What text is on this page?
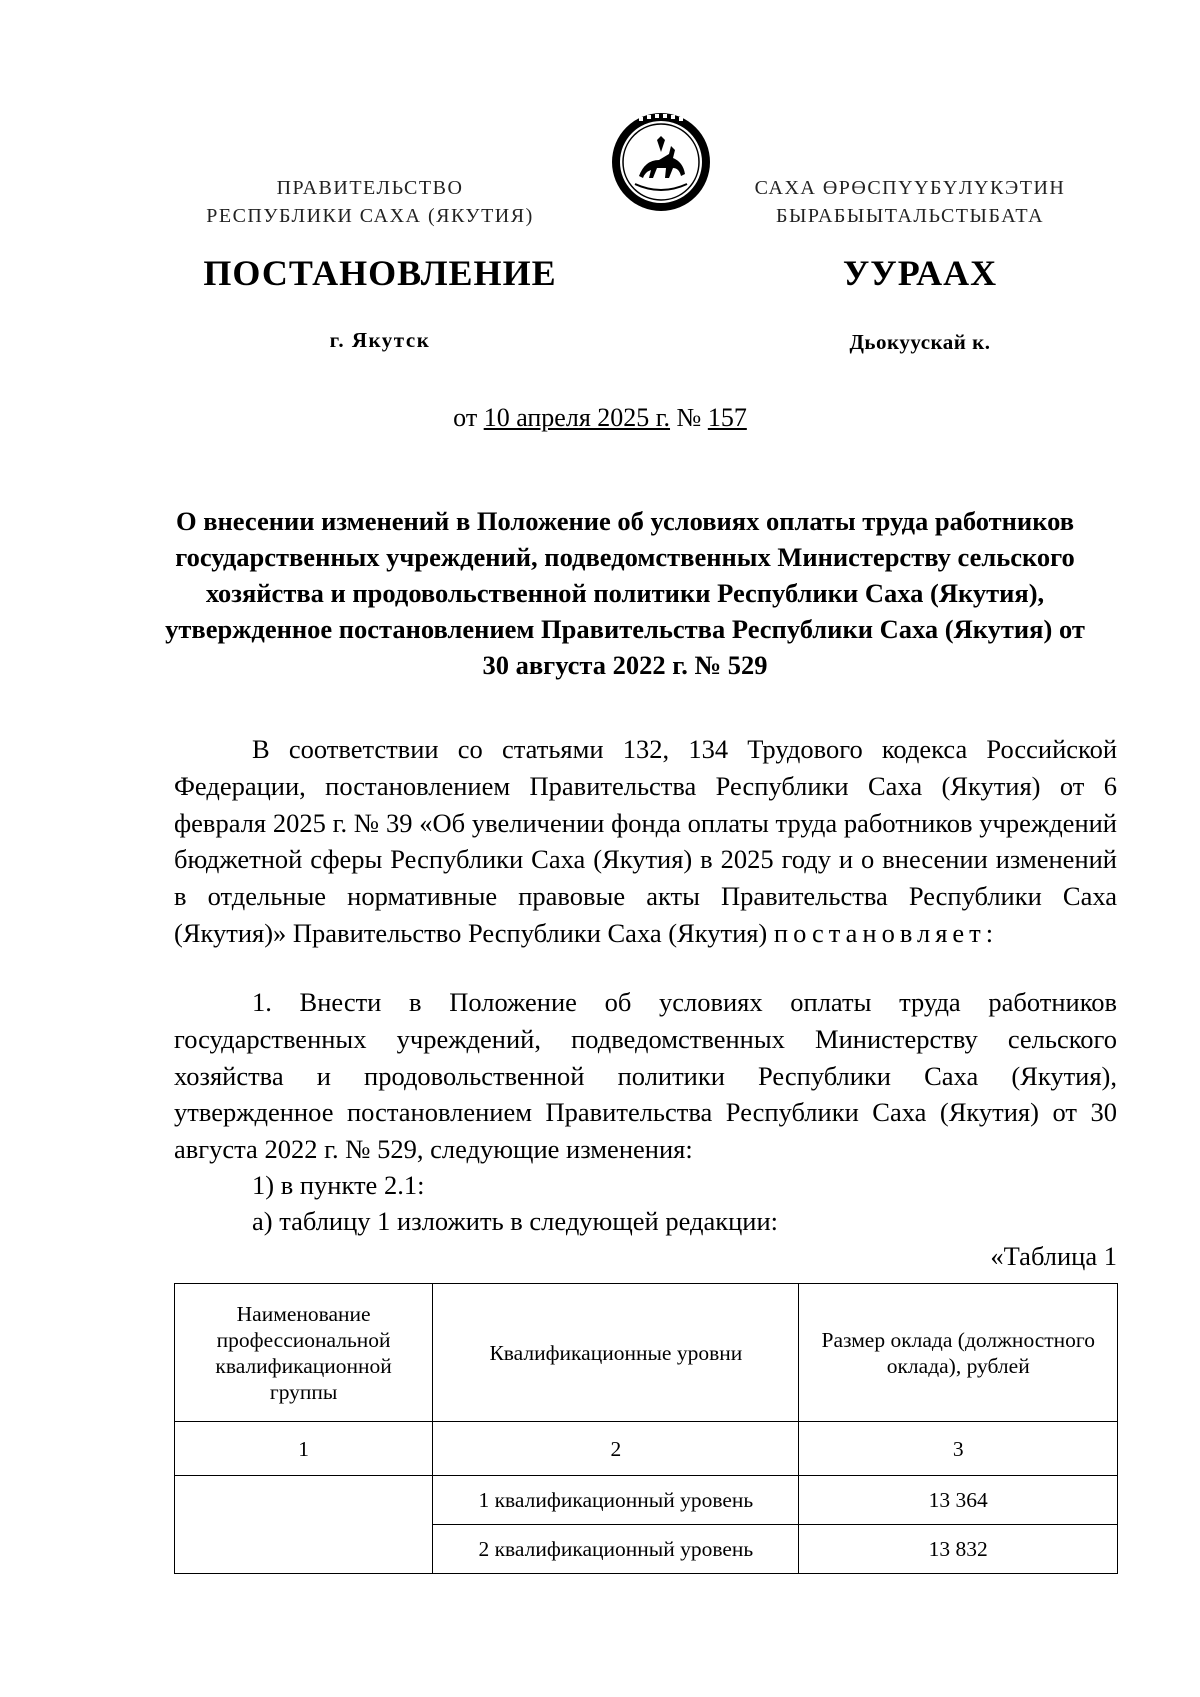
ПРАВИТЕЛЬСТВО
РЕСПУБЛИКИ САХА (ЯКУТИЯ)
САХА ӨРӨСПҮҮБҮЛҮКЭТИН
БЫРАБЫЫТАЛЬСТЫБАТА
ПОСТАНОВЛЕНИЕ	УУРААХ
г. Якутск	Дьокуускай к.
от 10 апреля 2025 г. № 157
О внесении изменений в Положение об условиях оплаты труда работников государственных учреждений, подведомственных Министерству сельского хозяйства и продовольственной политики Республики Саха (Якутия), утвержденное постановлением Правительства Республики Саха (Якутия) от 30 августа 2022 г. № 529
В соответствии со статьями 132, 134 Трудового кодекса Российской Федерации, постановлением Правительства Республики Саха (Якутия) от 6 февраля 2025 г. № 39 «Об увеличении фонда оплаты труда работников учреждений бюджетной сферы Республики Саха (Якутия) в 2025 году и о внесении изменений в отдельные нормативные правовые акты Правительства Республики Саха (Якутия)» Правительство Республики Саха (Якутия) постановляет:
1. Внести в Положение об условиях оплаты труда работников государственных учреждений, подведомственных Министерству сельского хозяйства и продовольственной политики Республики Саха (Якутия), утвержденное постановлением Правительства Республики Саха (Якутия) от 30 августа 2022 г. № 529, следующие изменения:
1) в пункте 2.1:
а) таблицу 1 изложить в следующей редакции:
«Таблица 1
Наименование профессиональной квалификационной группы	Квалификационные уровни	Размер оклада (должностного оклада), рублей
1	2	3
	1 квалификационный уровень	13 364
	2 квалификационный уровень	13 832
